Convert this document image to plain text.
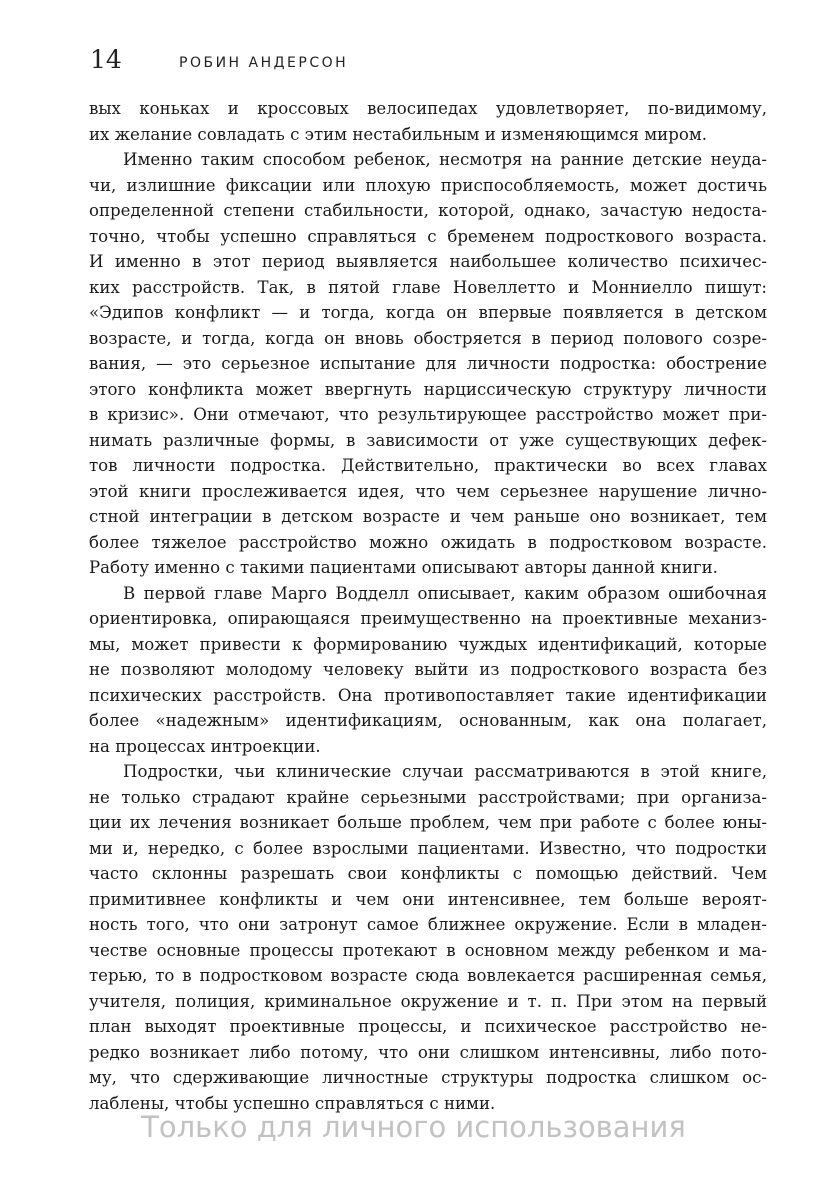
14	РОБИН АНДЕРСОН
вых коньках и кроссовых велосипедах удовлетворяет, по-видимому,
их желание совладать с этим нестабильным и изменяющимся миром.
Именно таким способом ребенок, несмотря на ранние детские неуда-
чи, излишние фиксации или плохую приспособляемость, может достичь
определенной степени стабильности, которой, однако, зачастую недоста-
точно, чтобы успешно справляться с бременем подросткового возраста.
И именно в этот период выявляется наибольшее количество психичес-
ких расстройств. Так, в пятой главе Новеллетто и Монниелло пишут:
«Эдипов конфликт — и тогда, когда он впервые появляется в детском
возрасте, и тогда, когда он вновь обостряется в период полового созре-
вания, — это серьезное испытание для личности подростка: обострение
этого конфликта может ввергнуть нарциссическую структуру личности
в кризис». Они отмечают, что результирующее расстройство может при-
нимать различные формы, в зависимости от уже существующих дефек-
тов личности подростка. Действительно, практически во всех главах
этой книги прослеживается идея, что чем серьезнее нарушение лично-
стной интеграции в детском возрасте и чем раньше оно возникает, тем
более тяжелое расстройство можно ожидать в подростковом возрасте.
Работу именно с такими пациентами описывают авторы данной книги.
В первой главе Марго Водделл описывает, каким образом ошибочная
ориентировка, опирающаяся преимущественно на проективные механиз-
мы, может привести к формированию чуждых идентификаций, которые
не позволяют молодому человеку выйти из подросткового возраста без
психических расстройств. Она противопоставляет такие идентификации
более «надежным» идентификациям, основанным, как она полагает,
на процессах интроекции.
Подростки, чьи клинические случаи рассматриваются в этой книге,
не только страдают крайне серьезными расстройствами; при организа-
ции их лечения возникает больше проблем, чем при работе с более юны-
ми и, нередко, с более взрослыми пациентами. Известно, что подростки
часто склонны разрешать свои конфликты с помощью действий. Чем
примитивнее конфликты и чем они интенсивнее, тем больше вероят-
ность того, что они затронут самое ближнее окружение. Если в младен-
честве основные процессы протекают в основном между ребенком и ма-
терью, то в подростковом возрасте сюда вовлекается расширенная семья,
учителя, полиция, криминальное окружение и т. п. При этом на первый
план выходят проективные процессы, и психическое расстройство не-
редко возникает либо потому, что они слишком интенсивны, либо пото-
му, что сдерживающие личностные структуры подростка слишком ос-
лаблены, чтобы успешно справляться с ними.
Только для личного использования
